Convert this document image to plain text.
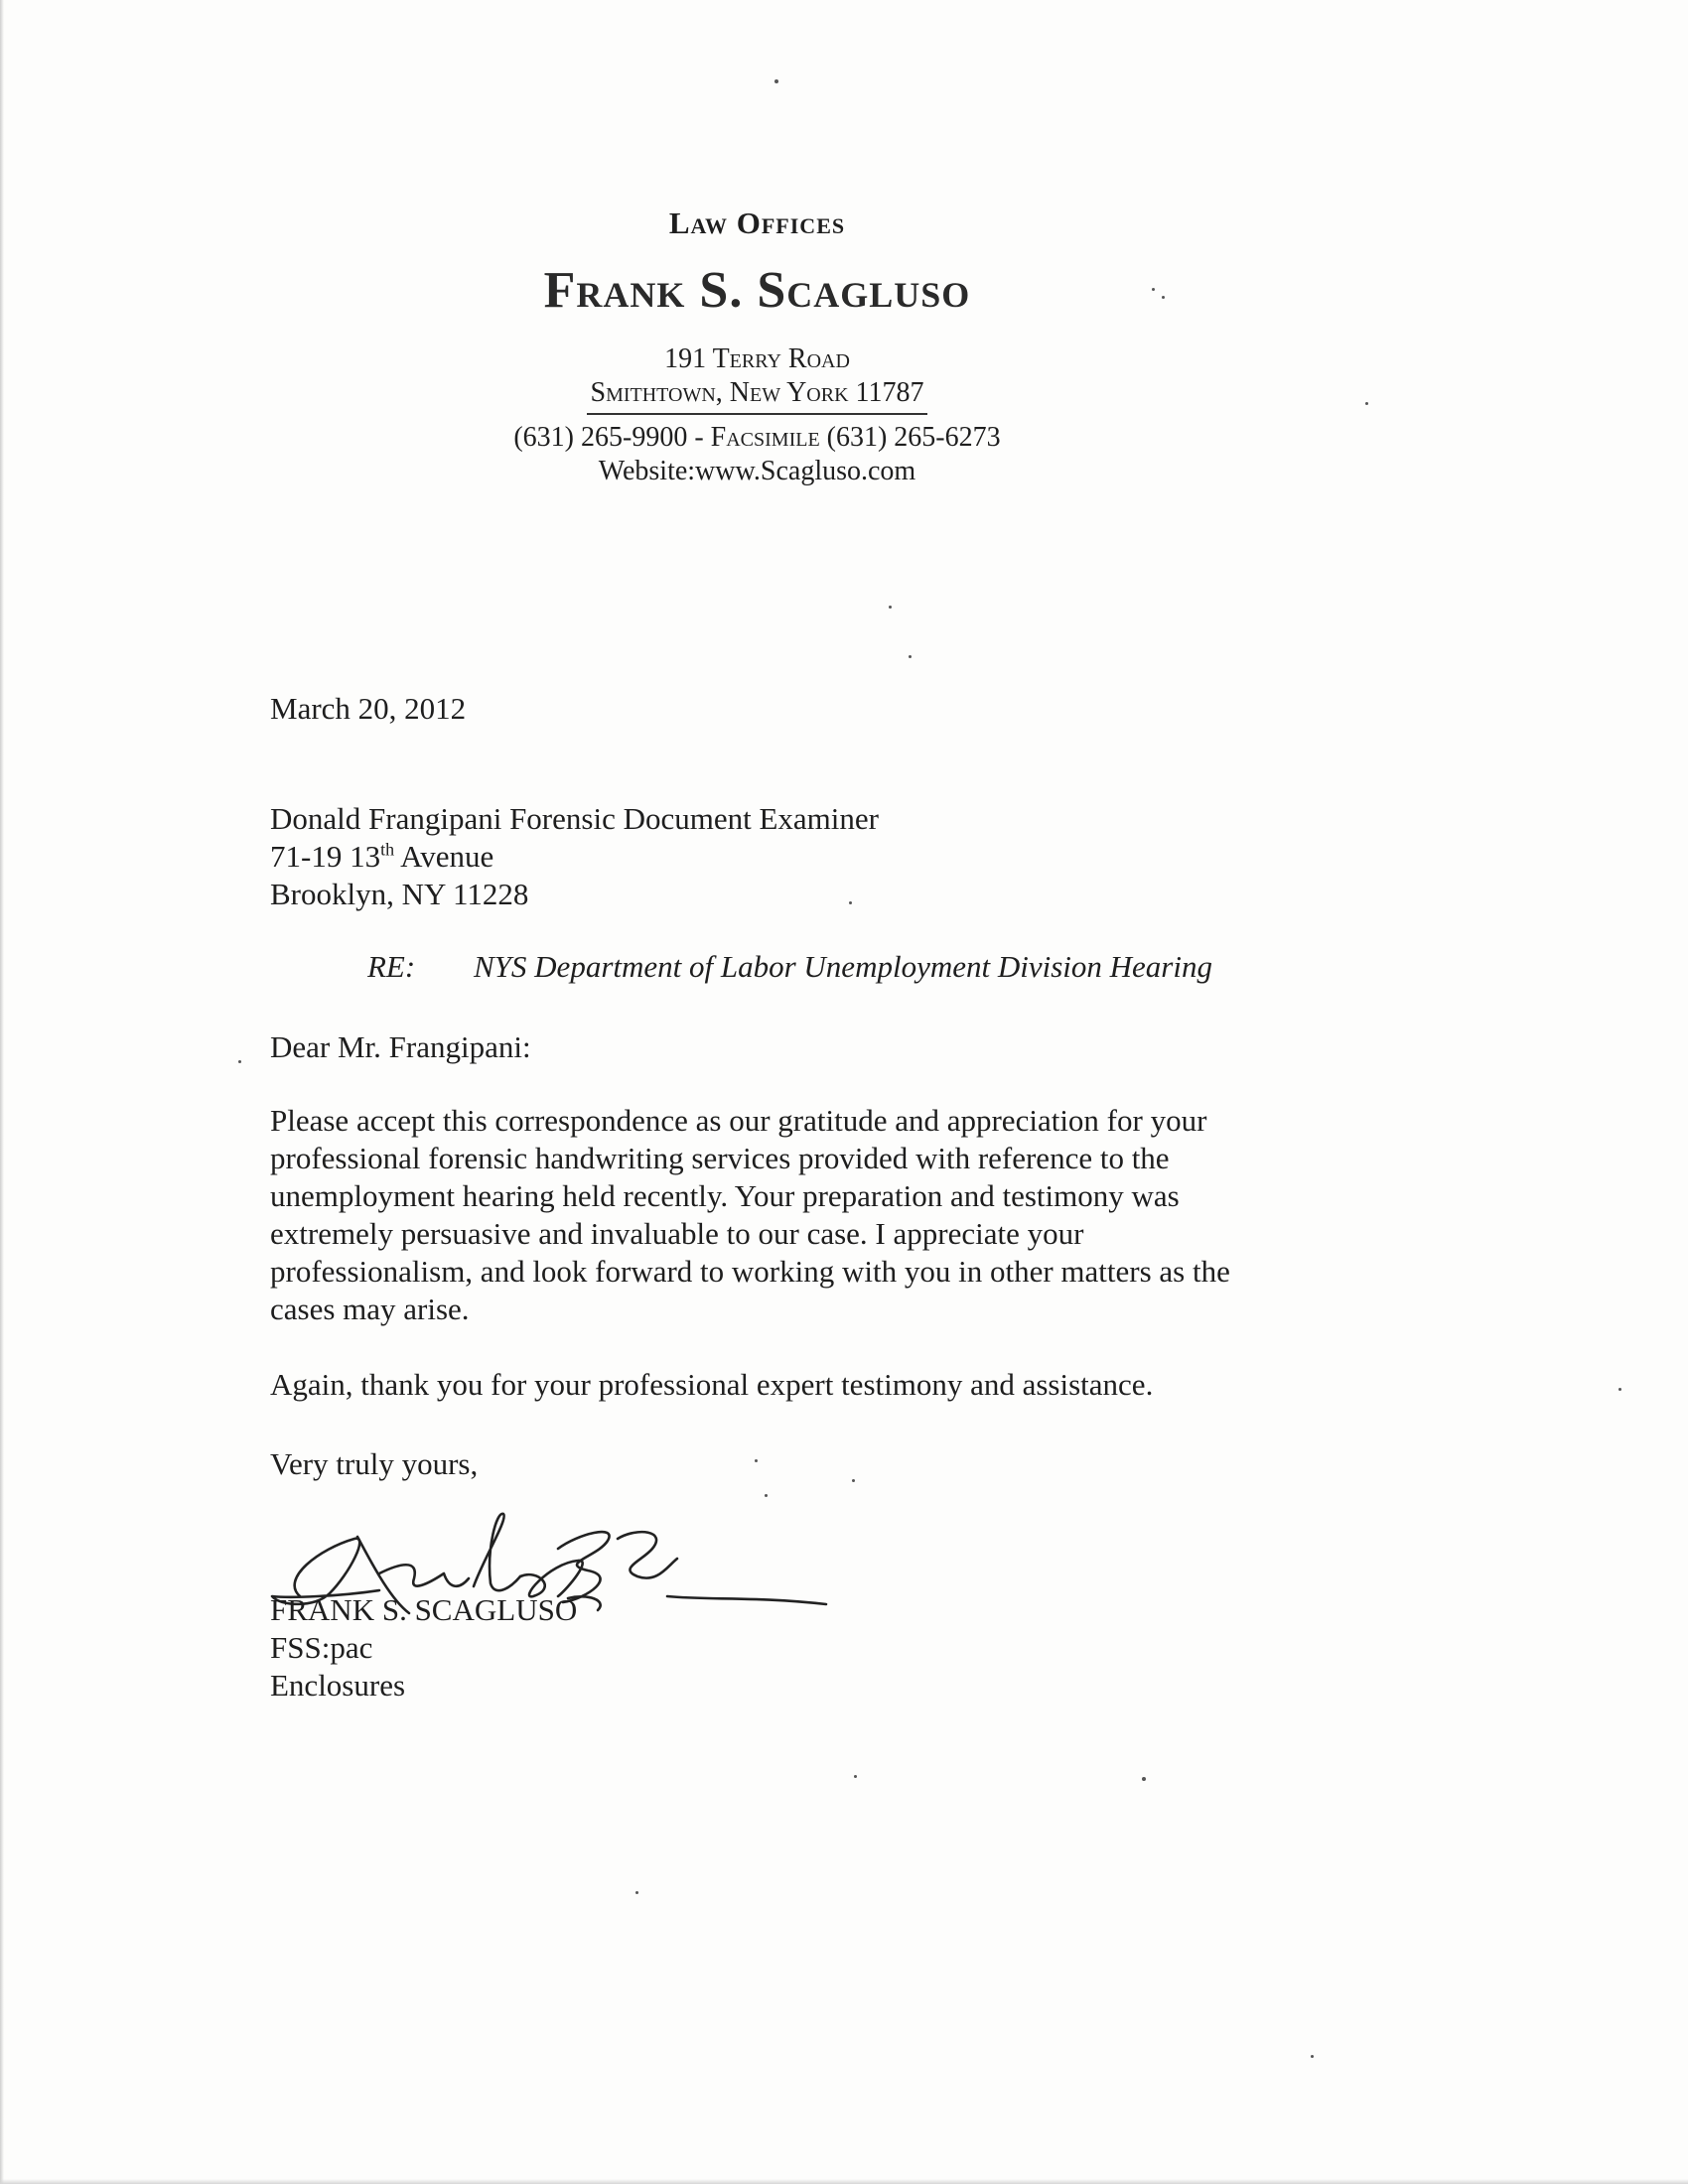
Law Offices

Frank S. Scagluso

191 Terry Road

Smithtown, New York 11787

(631) 265-9900 - Facsimile (631) 265-6273

Website:www.Scagluso.com

March 20, 2012

Donald Frangipani Forensic Document Examiner
71-19 13th Avenue
Brooklyn, NY 11228
RE: NYS Department of Labor Unemployment Division Hearing

Dear Mr. Frangipani:

Please accept this correspondence as our gratitude and appreciation for your
professional forensic handwriting services provided with reference to the
unemployment hearing held recently. Your preparation and testimony was
extremely persuasive and invaluable to our case. I appreciate your
professionalism, and look forward to working with you in other matters as the
cases may arise.

Again, thank you for your professional expert testimony and assistance.

Very truly yours,

FRANK S. SCAGLUSO
FSS:pac
Enclosures
